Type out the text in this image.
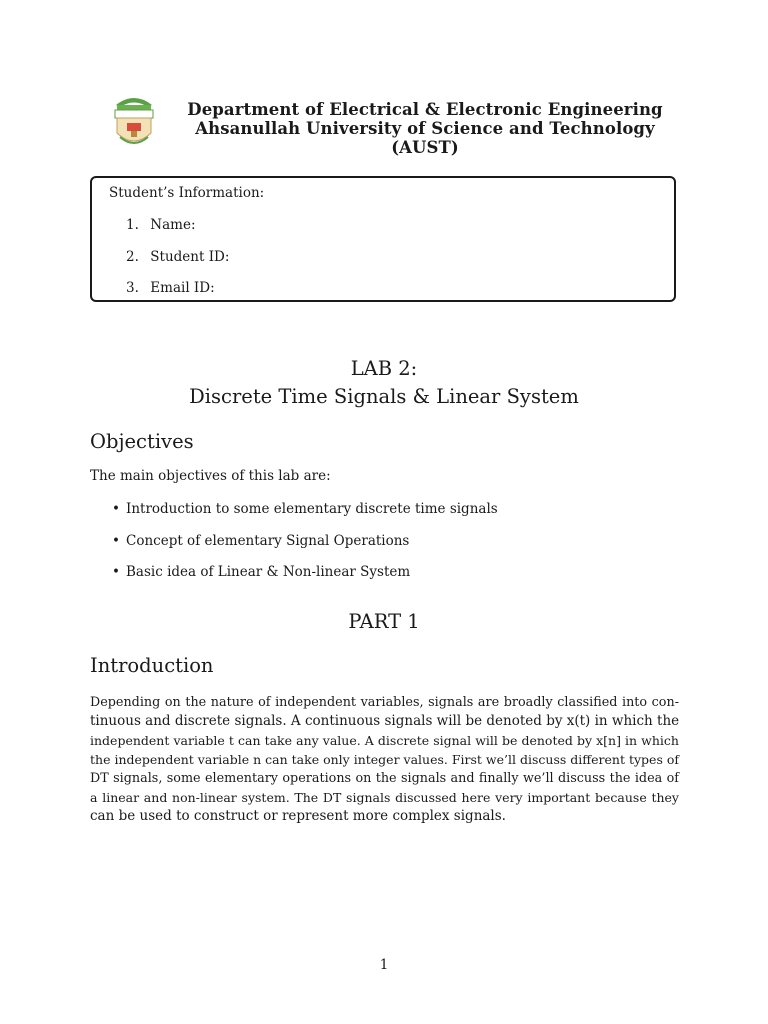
Department of Electrical & Electronic Engineering
Ahsanullah University of Science and Technology (AUST)
Student’s Information:
1. Name:
2. Student ID:
3. Email ID:
LAB 2:
Discrete Time Signals & Linear System
Objectives
The main objectives of this lab are:
• Introduction to some elementary discrete time signals
• Concept of elementary Signal Operations
• Basic idea of Linear & Non-linear System
PART 1
Introduction
Depending on the nature of independent variables, signals are broadly classified into con-
tinuous and discrete signals. A continuous signals will be denoted by x(t) in which the
independent variable t can take any value. A discrete signal will be denoted by x[n] in which
the independent variable n can take only integer values. First we’ll discuss different types of
DT signals, some elementary operations on the signals and finally we’ll discuss the idea of
a linear and non-linear system. The DT signals discussed here very important because they
can be used to construct or represent more complex signals.
1
